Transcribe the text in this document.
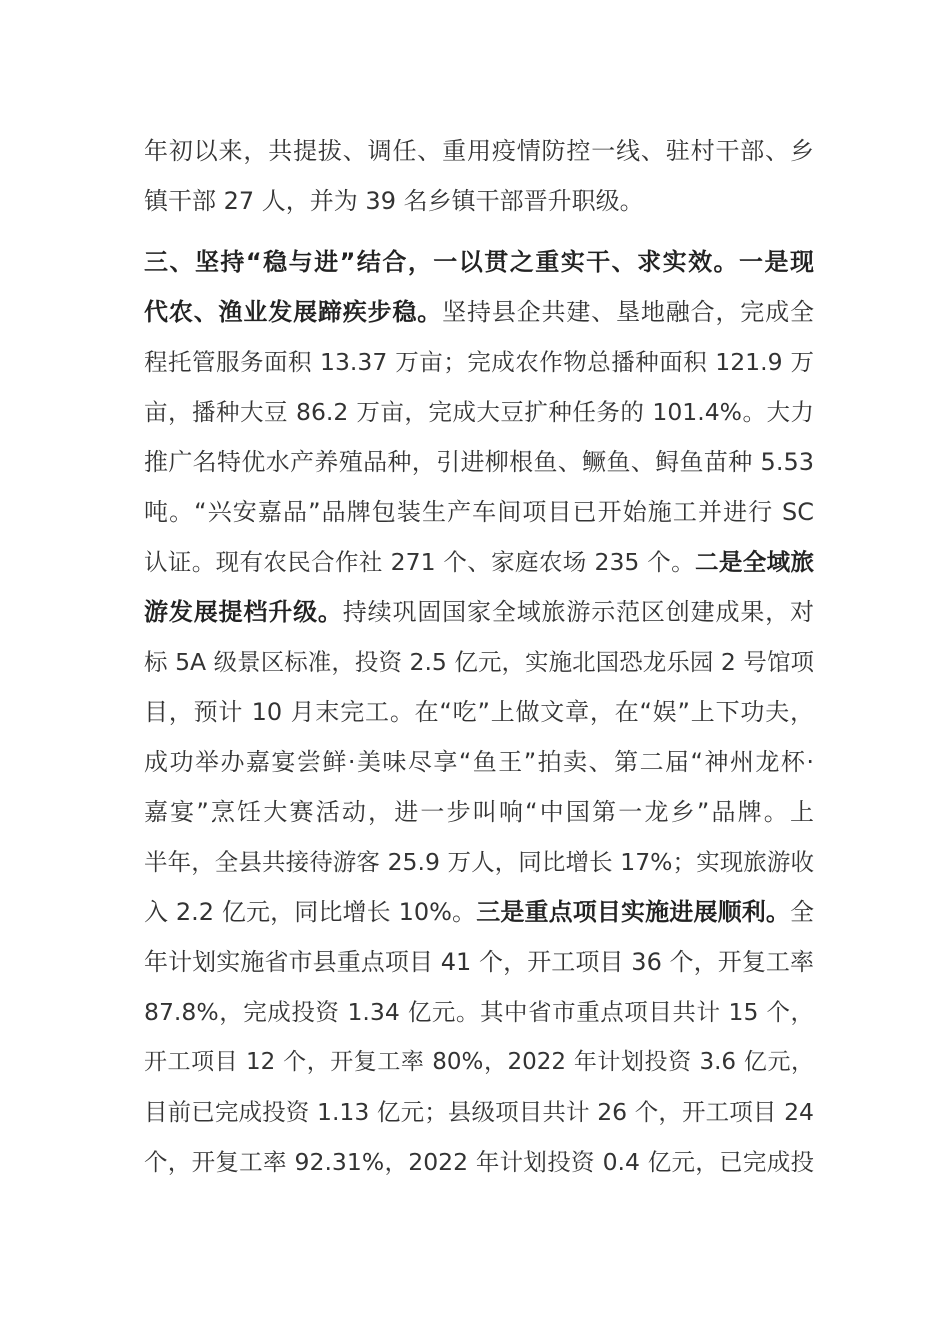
年初以来，共提拔、调任、重用疫情防控一线、驻村干部、乡
镇干部 27 人，并为 39 名乡镇干部晋升职级。
三、坚持“稳与进”结合，一以贯之重实干、求实效。一是现
代农、渔业发展蹄疾步稳。坚持县企共建、垦地融合，完成全
程托管服务面积 13.37 万亩；完成农作物总播种面积 121.9 万
亩，播种大豆 86.2 万亩，完成大豆扩种任务的 101.4%。大力
推广名特优水产养殖品种，引进柳根鱼、鳜鱼、鲟鱼苗种 5.53
吨。“兴安嘉品”品牌包装生产车间项目已开始施工并进行 SC
认证。现有农民合作社 271 个、家庭农场 235 个。二是全域旅
游发展提档升级。持续巩固国家全域旅游示范区创建成果，对
标 5A 级景区标准，投资 2.5 亿元，实施北国恐龙乐园 2 号馆项
目，预计 10 月末完工。在“吃”上做文章，在“娱”上下功夫，
成功举办嘉宴尝鲜·美味尽享“鱼王”拍卖、第二届“神州龙杯·
嘉宴”烹饪大赛活动，进一步叫响“中国第一龙乡”品牌。上
半年，全县共接待游客 25.9 万人，同比增长 17%；实现旅游收
入 2.2 亿元，同比增长 10%。三是重点项目实施进展顺利。全
年计划实施省市县重点项目 41 个，开工项目 36 个，开复工率
87.8%，完成投资 1.34 亿元。其中省市重点项目共计 15 个，
开工项目 12 个，开复工率 80%，2022 年计划投资 3.6 亿元，
目前已完成投资 1.13 亿元；县级项目共计 26 个，开工项目 24
个，开复工率 92.31%，2022 年计划投资 0.4 亿元，已完成投
